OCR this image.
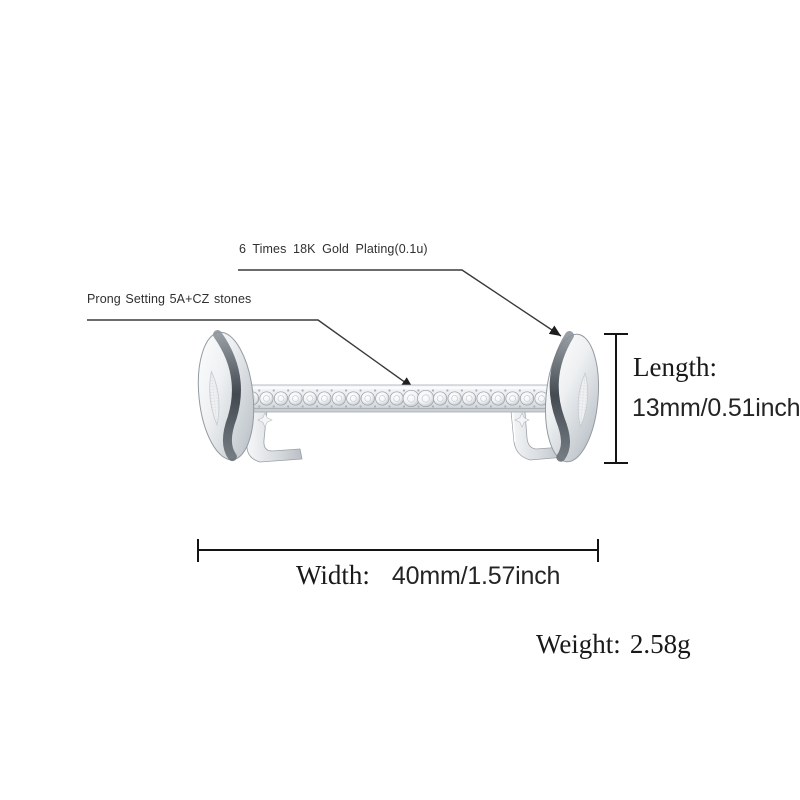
6 Times 18K Gold Plating(0.1u)
Prong Setting 5A+CZ stones
Length:
13mm/0.51inch
Width: 40mm/1.57inch
Weight: 2.58g
